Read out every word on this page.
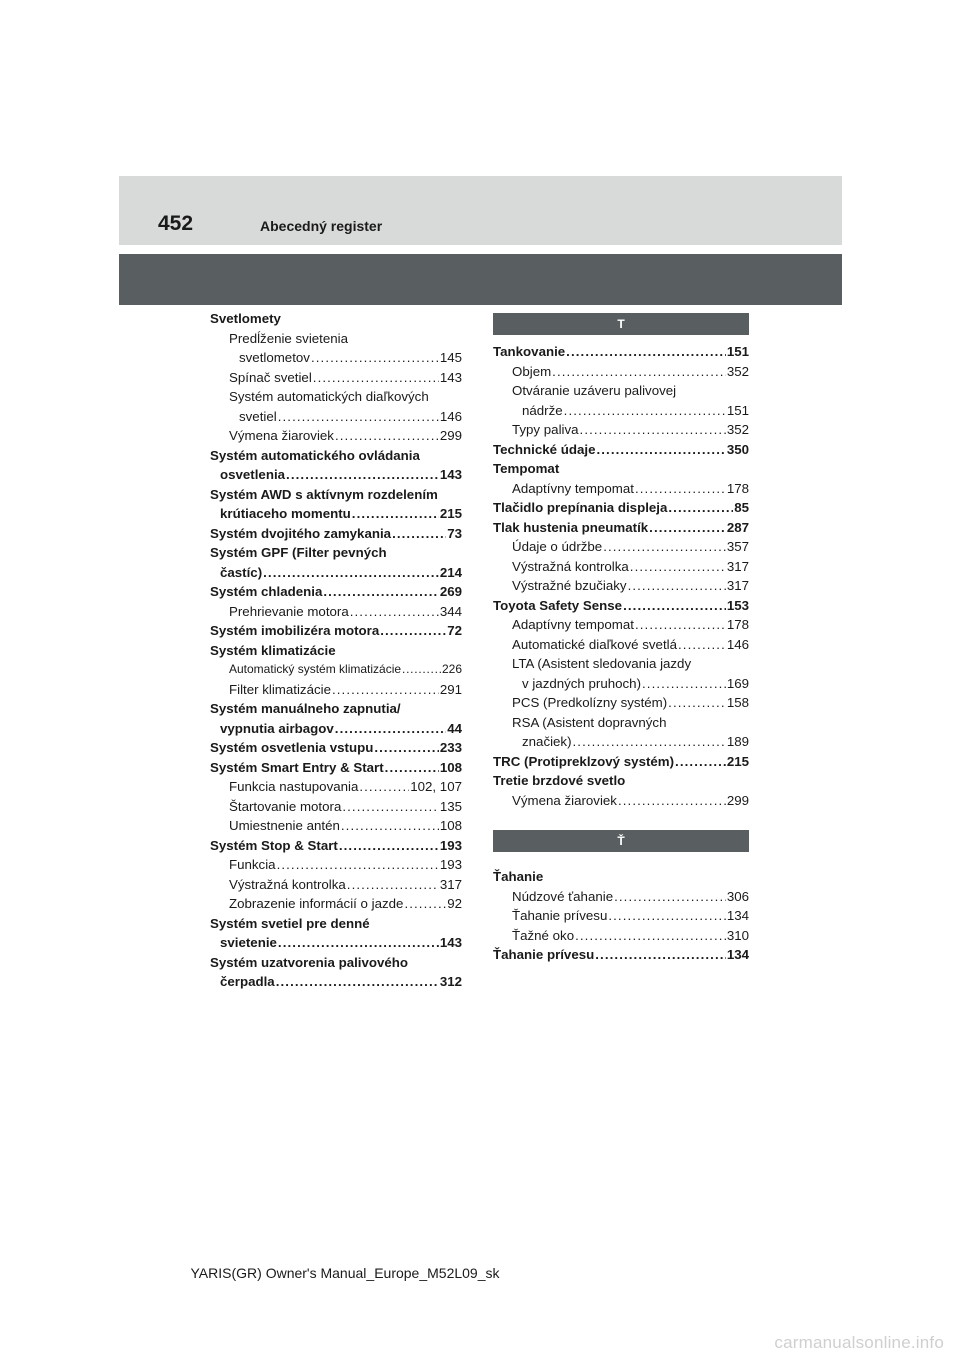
452	Abecedný register
Svetlomety
Predĺženie svietenia
svetlometov . . .	145
Spínač svetiel . . .	143
Systém automatických diaľkových
svetiel . . .	146
Výmena žiaroviek . . .	299
Systém automatického ovládania
osvetlenia . . .	143
Systém AWD s aktívnym rozdelením
krútiaceho momentu . . .	215
Systém dvojitého zamykania . . .	73
Systém GPF (Filter pevných
častíc) . . .	214
Systém chladenia . . .	269
Prehrievanie motora . . .	344
Systém imobilizéra motora . . .	72
Systém klimatizácie
Automatický systém klimatizácie . . .	226
Filter klimatizácie . . .	291
Systém manuálneho zapnutia/
vypnutia airbagov . . .	44
Systém osvetlenia vstupu . . .	233
Systém Smart Entry & Start . . .	108
Funkcia nastupovania . . .	102, 107
Štartovanie motora . . .	135
Umiestnenie antén . . .	108
Systém Stop & Start . . .	193
Funkcia . . .	193
Výstražná kontrolka . . .	317
Zobrazenie informácií o jazde . . .	92
Systém svetiel pre denné
svietenie . . .	143
Systém uzatvorenia palivového
čerpadla . . .	312
T
Tankovanie . . .	151
Objem . . .	352
Otváranie uzáveru palivovej
nádrže . . .	151
Typy paliva . . .	352
Technické údaje . . .	350
Tempomat
Adaptívny tempomat . . .	178
Tlačidlo prepínania displeja . . .	85
Tlak hustenia pneumatík . . .	287
Údaje o údržbe . . .	357
Výstražná kontrolka . . .	317
Výstražné bzučiaky . . .	317
Toyota Safety Sense . . .	153
Adaptívny tempomat . . .	178
Automatické diaľkové svetlá . . .	146
LTA (Asistent sledovania jazdy
v jazdných pruhoch) . . .	169
PCS (Predkolízny systém) . . .	158
RSA (Asistent dopravných
značiek) . . .	189
TRC (Protipreklzový systém) . . .	215
Tretie brzdové svetlo
Výmena žiaroviek . . .	299
Ť
Ťahanie
Núdzové ťahanie . . .	306
Ťahanie prívesu . . .	134
Ťažné oko . . .	310
Ťahanie prívesu . . .	134
YARIS(GR) Owner's Manual_Europe_M52L09_sk
carmanualsonline.info
